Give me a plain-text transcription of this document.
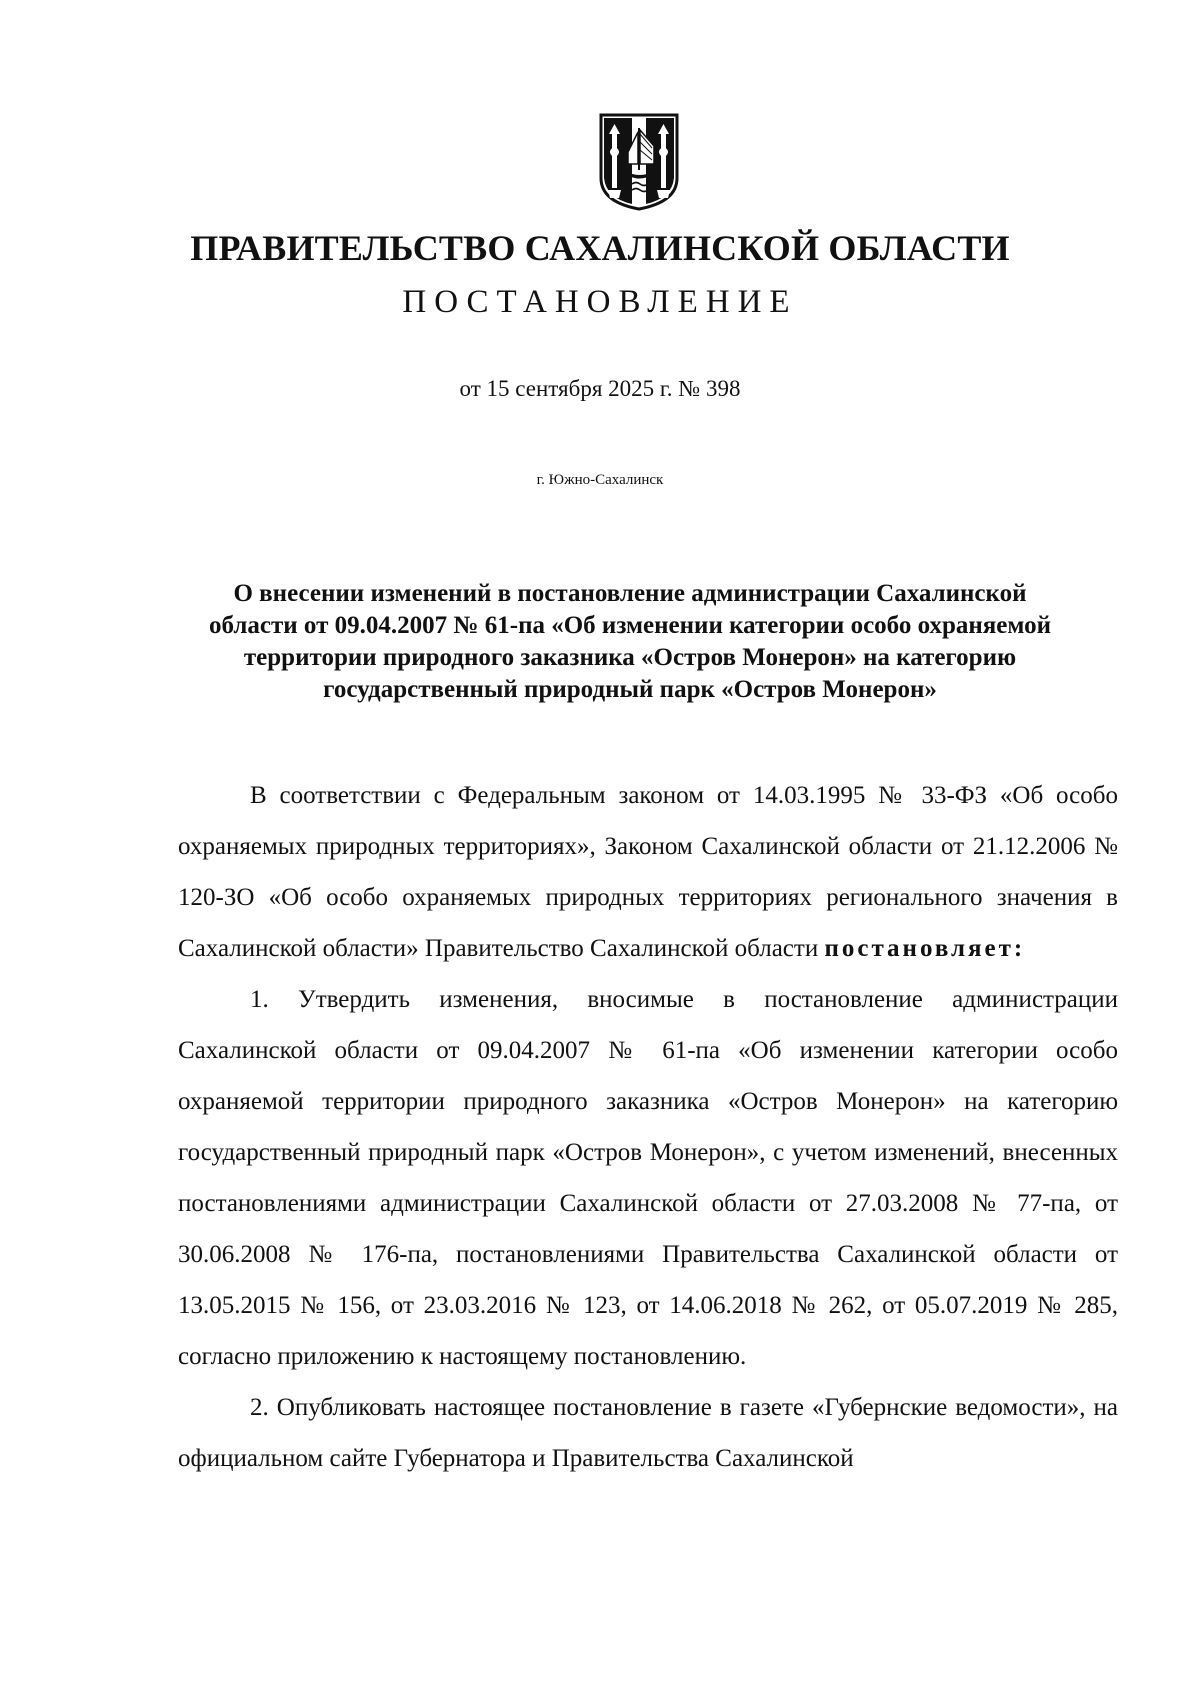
ПРАВИТЕЛЬСТВО САХАЛИНСКОЙ ОБЛАСТИ
ПОСТАНОВЛЕНИЕ
от 15 сентября 2025 г. № 398
г. Южно-Сахалинск
О внесении изменений в постановление администрации Сахалинской области от 09.04.2007 № 61-па «Об изменении категории особо охраняемой территории природного заказника «Остров Монерон» на категорию государственный природный парк «Остров Монерон»

В соответствии с Федеральным законом от 14.03.1995 № 33-ФЗ «Об особо охраняемых природных территориях», Законом Сахалинской области от 21.12.2006 № 120-ЗО «Об особо охраняемых природных территориях регионального значения в Сахалинской области» Правительство Сахалинской области постановляет:

1. Утвердить изменения, вносимые в постановление администрации Сахалинской области от 09.04.2007 № 61-па «Об изменении категории особо охраняемой территории природного заказника «Остров Монерон» на категорию государственный природный парк «Остров Монерон», с учетом изменений, внесенных постановлениями администрации Сахалинской области от 27.03.2008 № 77-па, от 30.06.2008 № 176-па, постановлениями Правительства Сахалинской области от 13.05.2015 № 156, от 23.03.2016 № 123, от 14.06.2018 № 262, от 05.07.2019 № 285, согласно приложению к настоящему постановлению.

2. Опубликовать настоящее постановление в газете «Губернские ведомости», на официальном сайте Губернатора и Правительства Сахалинской
